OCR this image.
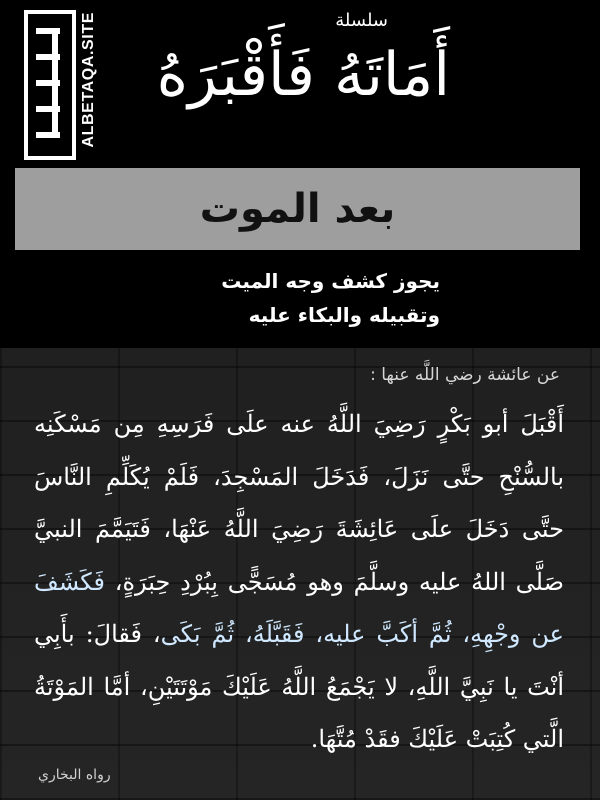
ALBETAQA.SITE	سلسلة
أَمَاتَهُ فَأَقْبَرَهُ
بعد الموت
يجوز كشف وجه الميت
وتقبيله والبكاء عليه
عن عائشة رضي اللَّه عنها :
أَقْبَلَ أبو بَكْرٍ رَضِيَ اللَّهُ عنه علَى فَرَسِهِ مِن مَسْكَنِه بالسُّنْحِ حتَّى نَزَلَ، فَدَخَلَ المَسْجِدَ، فَلَمْ يُكَلِّمِ النَّاسَ حتَّى دَخَلَ علَى عَائِشَةَ رَضِيَ اللَّهُ عَنْهَا، فَتَيَمَّمَ النبيَّ صَلَّى اللهُ عليه وسلَّمَ وهو مُسَجًّى بِبُرْدِ حِبَرَةٍ، فَكَشَفَ عن وجْهِهِ، ثُمَّ أكَبَّ عليه، فَقَبَّلَهُ، ثُمَّ بَكَى، فَقالَ: بأَبِي أنْتَ يا نَبِيَّ اللَّهِ، لا يَجْمَعُ اللَّهُ عَلَيْكَ مَوْتَتَيْنِ، أمَّا المَوْتَةُ الَّتي كُتِبَتْ عَلَيْكَ فقَدْ مُتَّهَا.
رواه البخاري
